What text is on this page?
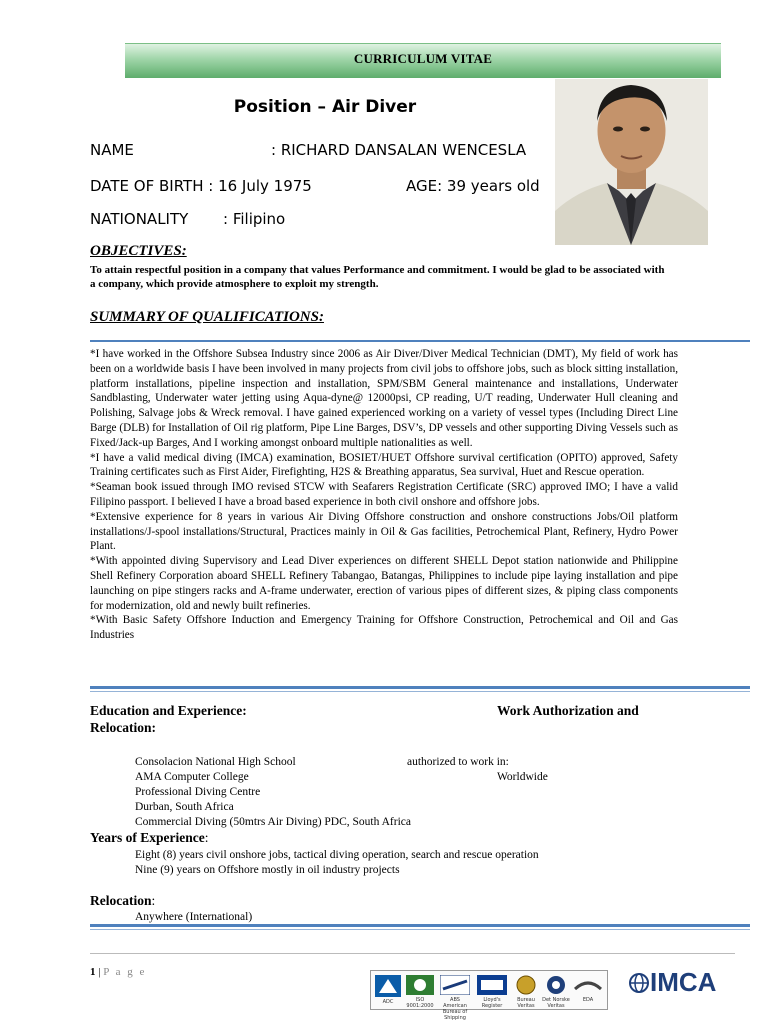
CURRICULUM VITAE
Position – Air Diver
NAME	: RICHARD DANSALAN WENCESLA
DATE OF BIRTH : 16 July 1975	AGE: 39 years old
NATIONALITY : Filipino
OBJECTIVES:
To attain respectful position in a company that values Performance and commitment. I would be glad to be associated with a company, which provide atmosphere to exploit my strength.
SUMMARY OF QUALIFICATIONS:

*I have worked in the Offshore Subsea Industry since 2006 as Air Diver/Diver Medical Technician (DMT), My field of work has been on a worldwide basis I have been involved in many projects from civil jobs to offshore jobs, such as block sitting installation, platform installations, pipeline inspection and installation, SPM/SBM General maintenance and installations, Underwater Sandblasting, Underwater water jetting using Aqua-dyne@ 12000psi, CP reading, U/T reading, Underwater Hull cleaning and Polishing, Salvage jobs & Wreck removal. I have gained experienced working on a variety of vessel types (Including Direct Line Barge (DLB) for Installation of Oil rig platform, Pipe Line Barges, DSV’s, DP vessels and other supporting Diving Vessels such as Fixed/Jack-up Barges, And I working amongst onboard multiple nationalities as well.

*I have a valid medical diving (IMCA) examination, BOSIET/HUET Offshore survival certification (OPITO) approved, Safety Training certificates such as First Aider, Firefighting, H2S & Breathing apparatus, Sea survival, Huet and Rescue operation.

*Seaman book issued through IMO revised STCW with Seafarers Registration Certificate (SRC) approved IMO; I have a valid Filipino passport. I believed I have a broad based experience in both civil onshore and offshore jobs.

*Extensive experience for 8 years in various Air Diving Offshore construction and onshore constructions Jobs/Oil platform installations/J-spool installations/Structural, Practices mainly in Oil & Gas facilities, Petrochemical Plant, Refinery, Hydro Power Plant.

*With appointed diving Supervisory and Lead Diver experiences on different SHELL Depot station nationwide and Philippine Shell Refinery Corporation aboard SHELL Refinery Tabangao, Batangas, Philippines to include pipe laying installation and pipe launching on pipe stingers racks and A-frame underwater, erection of various pipes of different sizes, & piping class components for modernization, old and newly built refineries.

*With Basic Safety Offshore Induction and Emergency Training for Offshore Construction, Petrochemical and Oil and Gas Industries

Education and Experience:	Work Authorization and
Relocation:
Consolacion National High School
AMA Computer College
Professional Diving Centre
Durban, South Africa
Commercial Diving (50mtrs Air Diving) PDC, South Africa
authorized to work in:
Worldwide
Years of Experience:
Eight (8) years civil onshore jobs, tactical diving operation, search and rescue operation
Nine (9) years on Offshore mostly in oil industry projects
Relocation:
Anywhere (International)
1 | P a g e
ADC	ISO 9001:2000
ABS American Bureau of Shipping
Lloyd's Register
Bureau Veritas
Det Norske Veritas
EDA
IMCA
